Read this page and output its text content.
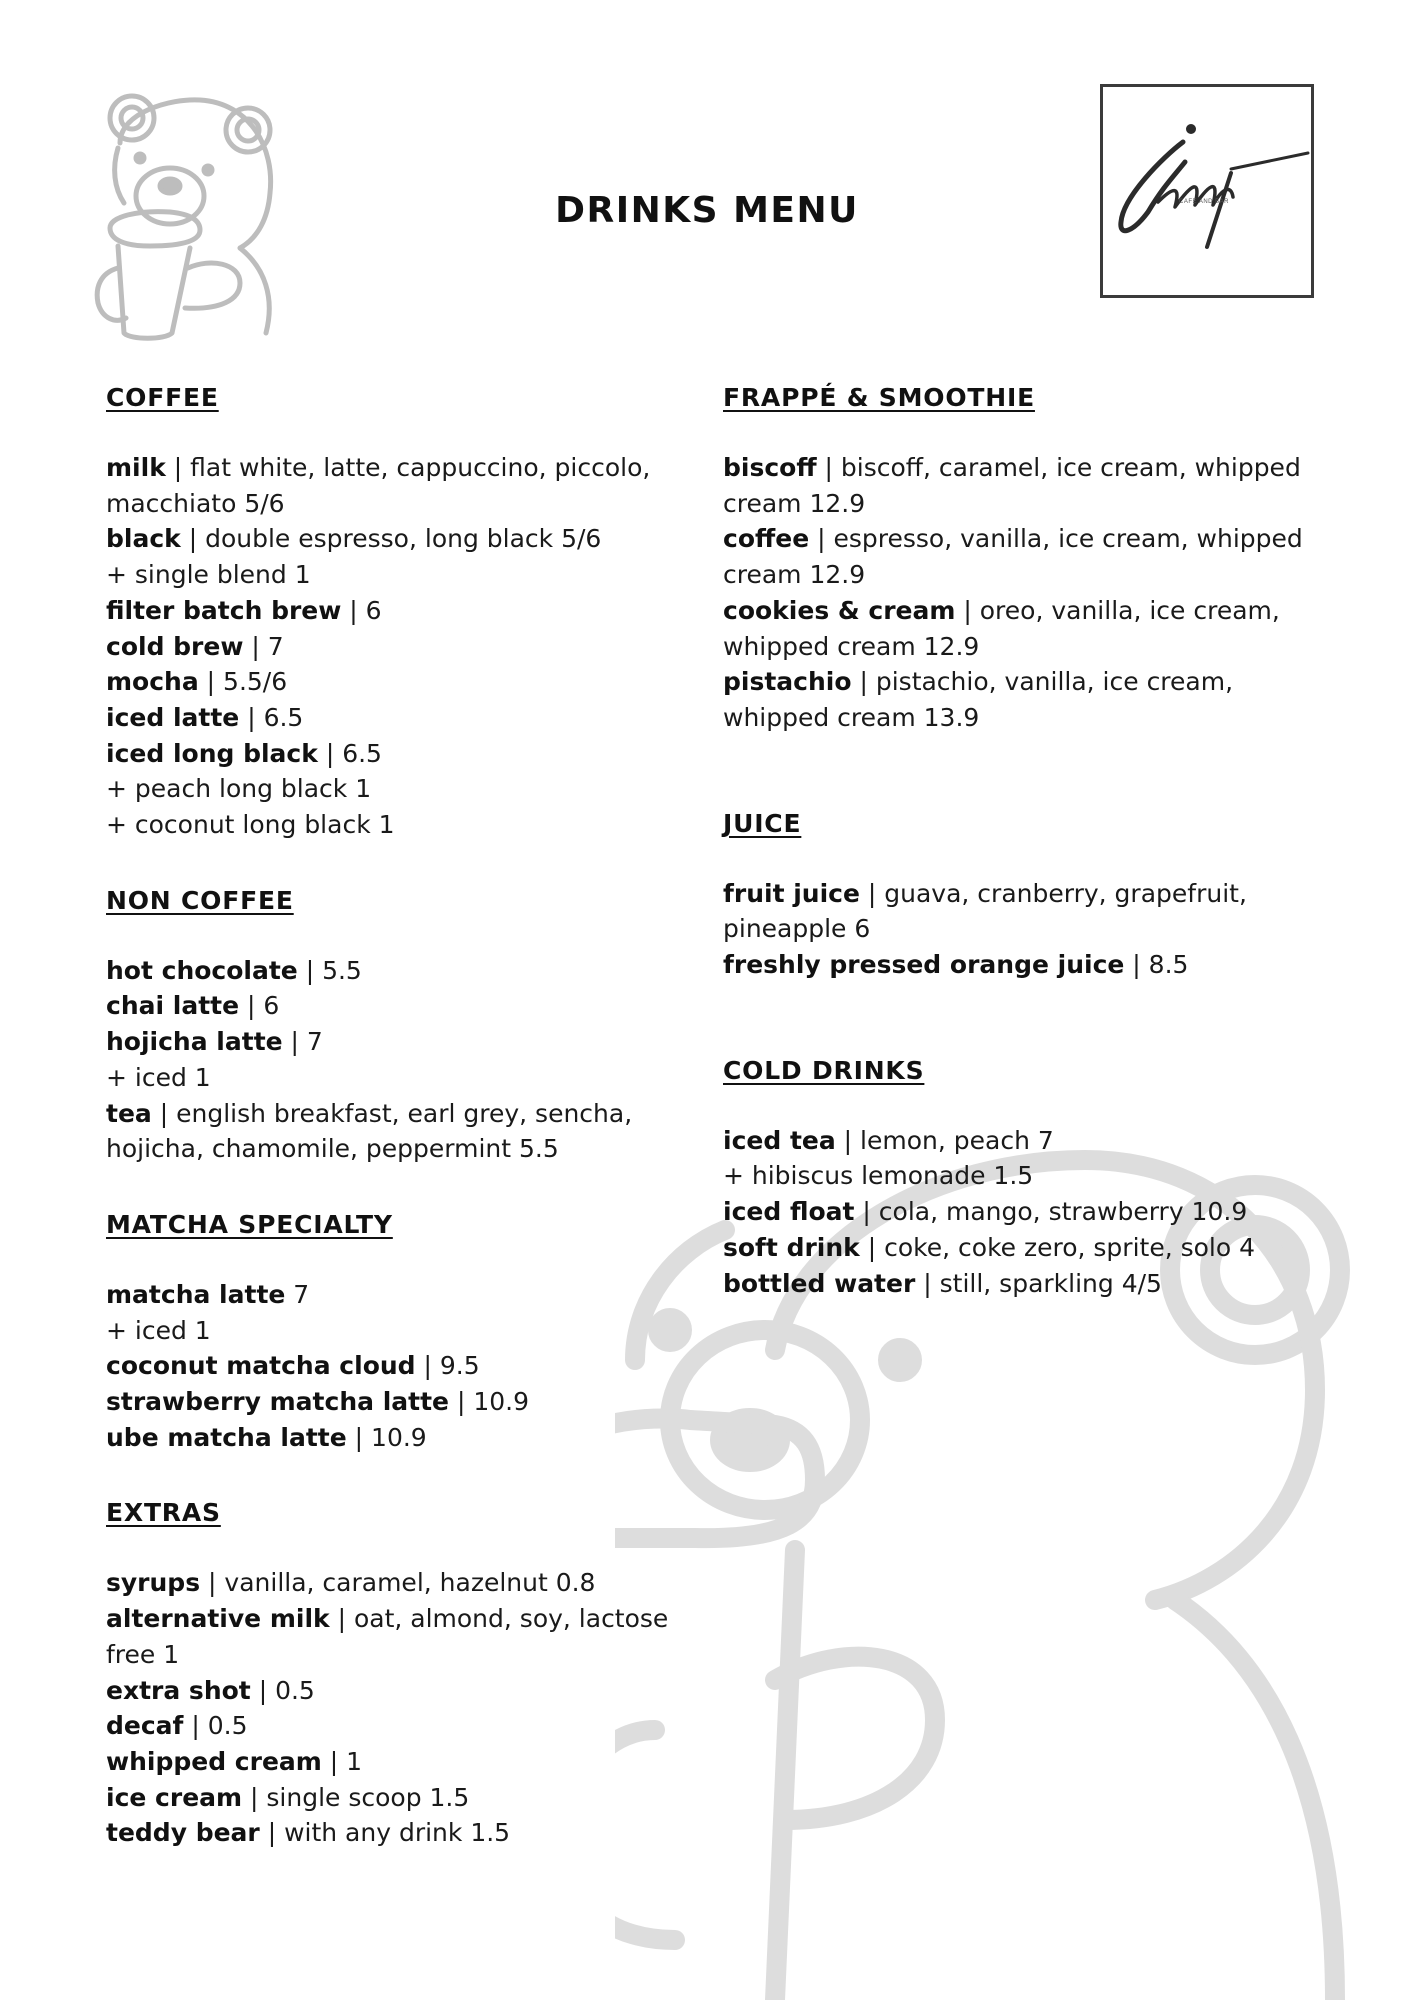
CAFE AND BAR
DRINKS MENU
COFFEE
milk | flat white, latte, cappuccino, piccolo, macchiato 5/6
black | double espresso, long black 5/6
+ single blend 1
filter batch brew | 6
cold brew | 7
mocha | 5.5/6
iced latte | 6.5
iced long black | 6.5
+ peach long black 1
+ coconut long black 1
NON COFFEE
hot chocolate | 5.5
chai latte | 6
hojicha latte | 7
+ iced 1
tea | english breakfast, earl grey, sencha, hojicha, chamomile, peppermint 5.5
MATCHA SPECIALTY
matcha latte 7
+ iced 1
coconut matcha cloud | 9.5
strawberry matcha latte | 10.9
ube matcha latte | 10.9
EXTRAS
syrups | vanilla, caramel, hazelnut 0.8
alternative milk | oat, almond, soy, lactose free 1
extra shot | 0.5
decaf | 0.5
whipped cream | 1
ice cream | single scoop 1.5
teddy bear | with any drink 1.5
FRAPPÉ & SMOOTHIE
biscoff | biscoff, caramel, ice cream, whipped cream 12.9
coffee | espresso, vanilla, ice cream, whipped cream 12.9
cookies & cream | oreo, vanilla, ice cream, whipped cream 12.9
pistachio | pistachio, vanilla, ice cream, whipped cream 13.9
JUICE
fruit juice | guava, cranberry, grapefruit, pineapple 6
freshly pressed orange juice | 8.5
COLD DRINKS
iced tea | lemon, peach 7
+ hibiscus lemonade 1.5
iced float | cola, mango, strawberry 10.9
soft drink | coke, coke zero, sprite, solo 4
bottled water | still, sparkling 4/5
